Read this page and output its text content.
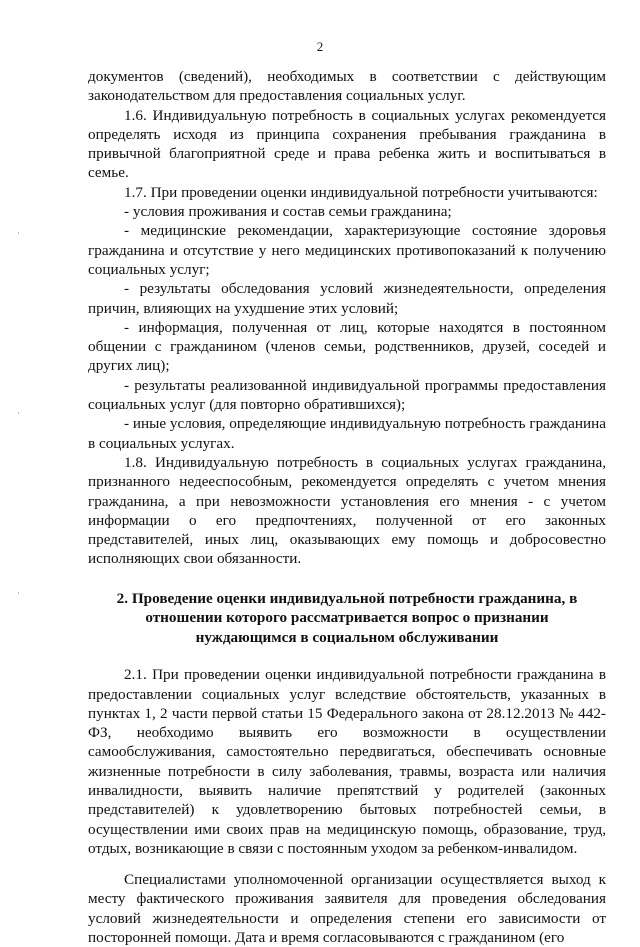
2

документов (сведений), необходимых в соответствии с действующим законодательством для предоставления социальных услуг.

1.6. Индивидуальную потребность в социальных услугах рекомендуется определять исходя из принципа сохранения пребывания гражданина в привычной благоприятной среде и права ребенка жить и воспитываться в семье.

1.7. При проведении оценки индивидуальной потребности учитываются:

- условия проживания и состав семьи гражданина;

- медицинские рекомендации, характеризующие состояние здоровья гражданина и отсутствие у него медицинских противопоказаний к получению социальных услуг;

- результаты обследования условий жизнедеятельности, определения причин, влияющих на ухудшение этих условий;

- информация, полученная от лиц, которые находятся в постоянном общении с гражданином (членов семьи, родственников, друзей, соседей и других лиц);

- результаты реализованной индивидуальной программы предоставления социальных услуг (для повторно обратившихся);

- иные условия, определяющие индивидуальную потребность гражданина в социальных услугах.

1.8. Индивидуальную потребность в социальных услугах гражданина, признанного недееспособным, рекомендуется определять с учетом мнения гражданина, а при невозможности установления его мнения - с учетом информации о его предпочтениях, полученной от его законных представителей, иных лиц, оказывающих ему помощь и добросовестно исполняющих свои обязанности.

2. Проведение оценки индивидуальной потребности гражданина, в
отношении которого рассматривается вопрос о признании
нуждающимся в социальном обслуживании

2.1. При проведении оценки индивидуальной потребности гражданина в предоставлении социальных услуг вследствие обстоятельств, указанных в пунктах 1, 2 части первой статьи 15 Федерального закона от 28.12.2013 № 442-ФЗ, необходимо выявить его возможности в осуществлении самообслуживания, самостоятельно передвигаться, обеспечивать основные жизненные потребности в силу заболевания, травмы, возраста или наличия инвалидности, выявить наличие препятствий у родителей (законных представителей) к удовлетворению бытовых потребностей семьи, в осуществлении ими своих прав на медицинскую помощь, образование, труд, отдых, возникающие в связи с постоянным уходом за ребенком-инвалидом.

Специалистами уполномоченной организации осуществляется выход к месту фактического проживания заявителя для проведения обследования условий жизнедеятельности и определения степени его зависимости от посторонней помощи. Дата и время согласовываются с гражданином (его
